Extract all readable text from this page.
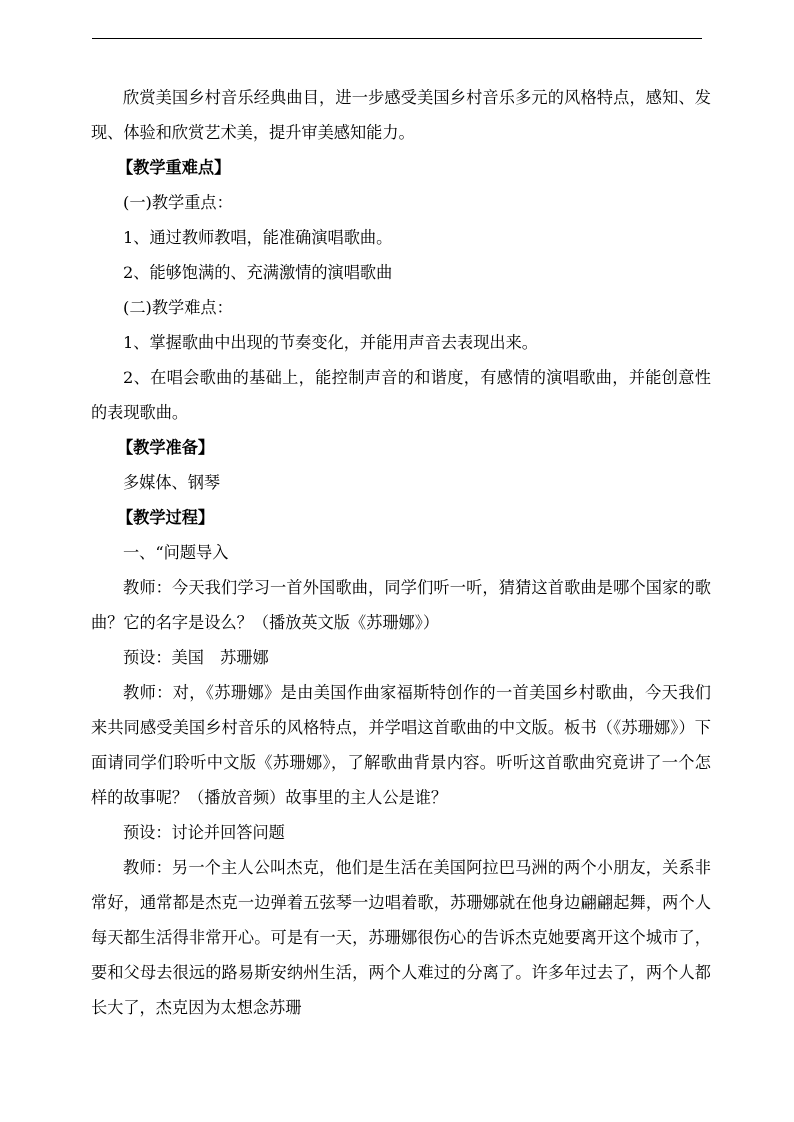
欣赏美国乡村音乐经典曲目，进一步感受美国乡村音乐多元的风格特点，感知、发现、体验和欣赏艺术美，提升审美感知能力。

【教学重难点】

(一)教学重点：

1、通过教师教唱，能准确演唱歌曲。

2、能够饱满的、充满激情的演唱歌曲

(二)教学难点：

1、掌握歌曲中出现的节奏变化，并能用声音去表现出来。

2、在唱会歌曲的基础上，能控制声音的和谐度，有感情的演唱歌曲，并能创意性的表现歌曲。

【教学准备】

多媒体、钢琴

【教学过程】

一、“问题导入

教师：今天我们学习一首外国歌曲，同学们听一听，猜猜这首歌曲是哪个国家的歌曲？它的名字是设么？（播放英文版《苏珊娜》）

预设：美国　苏珊娜

教师：对，《苏珊娜》是由美国作曲家福斯特创作的一首美国乡村歌曲，今天我们来共同感受美国乡村音乐的风格特点，并学唱这首歌曲的中文版。板书（《苏珊娜》）下面请同学们聆听中文版《苏珊娜》，了解歌曲背景内容。听听这首歌曲究竟讲了一个怎样的故事呢？（播放音频）故事里的主人公是谁？

预设：讨论并回答问题

教师：另一个主人公叫杰克，他们是生活在美国阿拉巴马洲的两个小朋友，关系非常好，通常都是杰克一边弹着五弦琴一边唱着歌，苏珊娜就在他身边翩翩起舞，两个人每天都生活得非常开心。可是有一天，苏珊娜很伤心的告诉杰克她要离开这个城市了，要和父母去很远的路易斯安纳州生活，两个人难过的分离了。许多年过去了，两个人都长大了，杰克因为太想念苏珊
